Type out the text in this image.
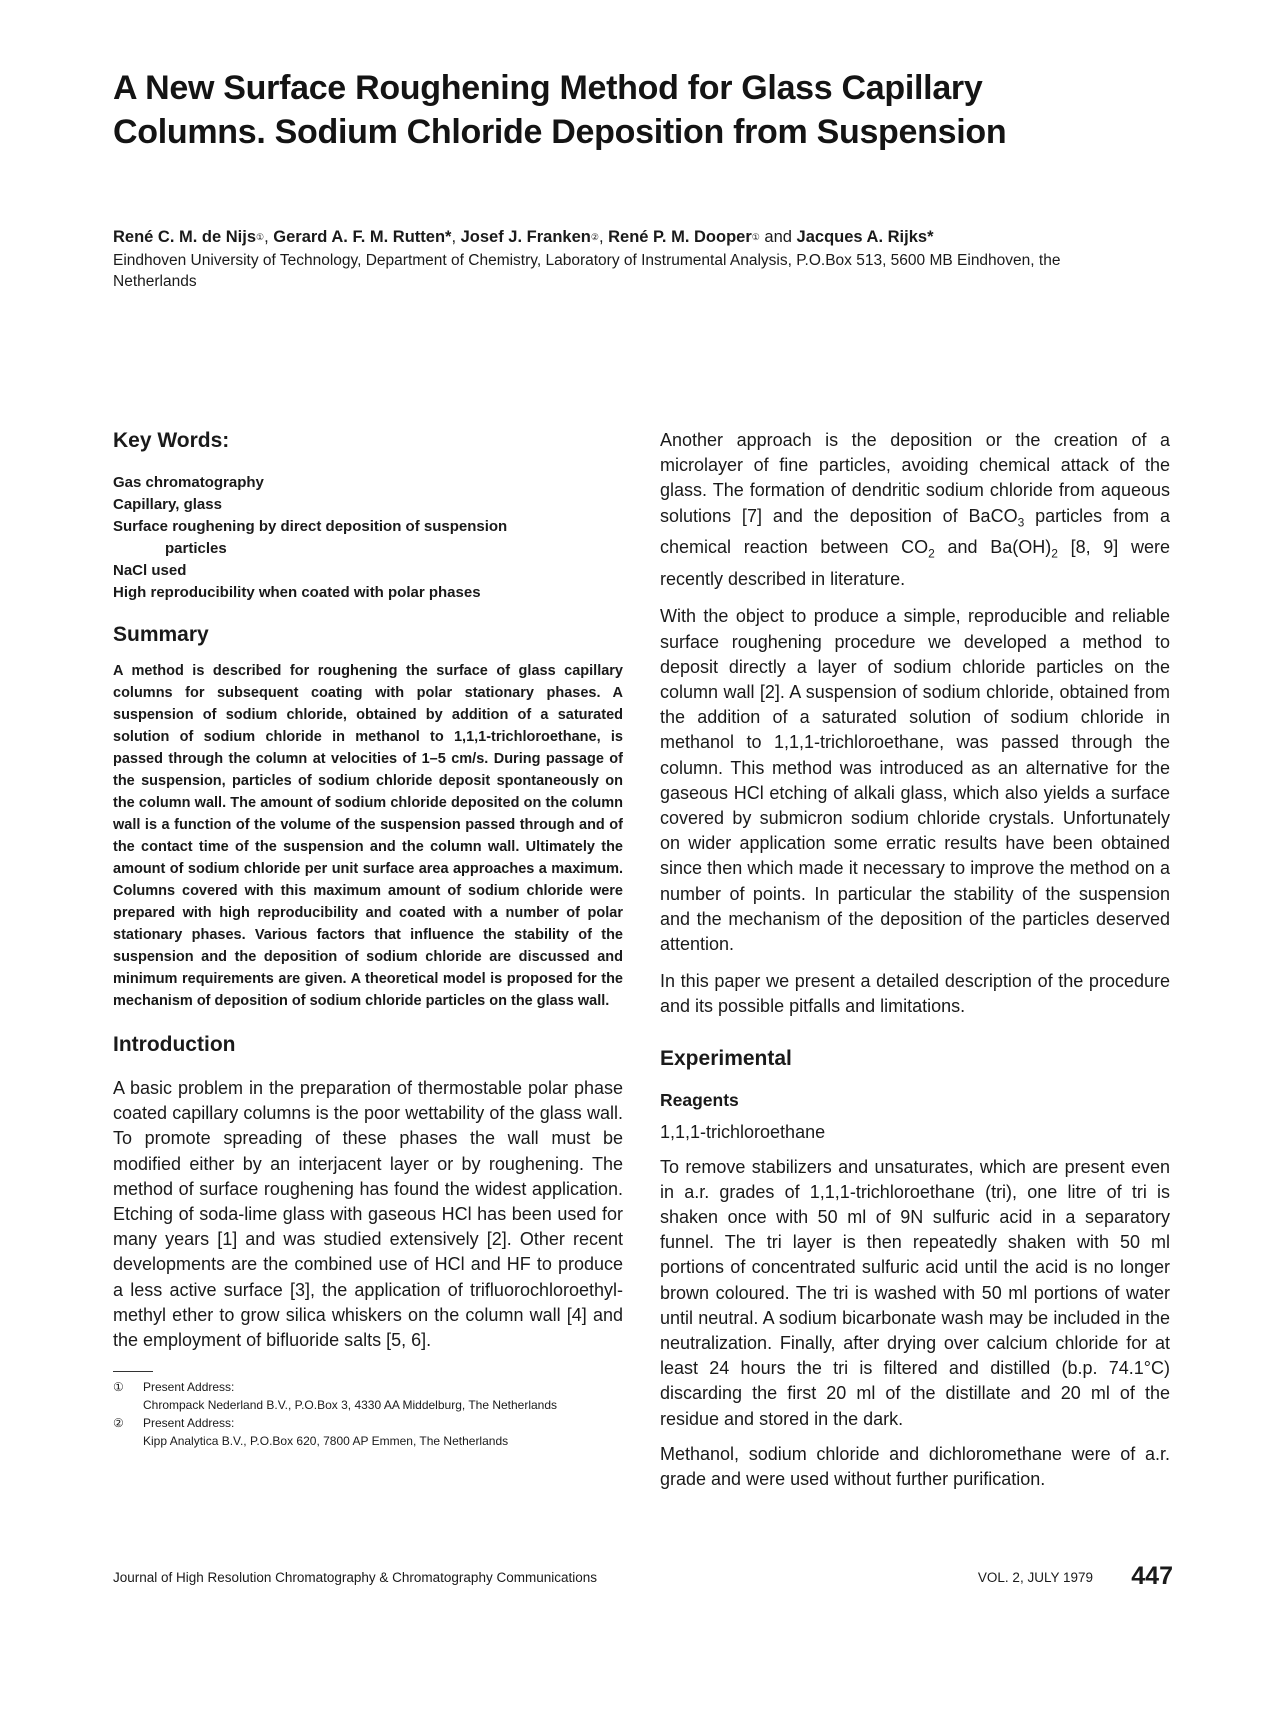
A New Surface Roughening Method for Glass Capillary Columns. Sodium Chloride Deposition from Suspension

René C. M. de Nijs①, Gerard A. F. M. Rutten*, Josef J. Franken②, René P. M. Dooper① and Jacques A. Rijks*

Eindhoven University of Technology, Department of Chemistry, Laboratory of Instrumental Analysis, P.O.Box 513, 5600 MB Eindhoven, the Netherlands

Key Words:
Gas chromatography
Capillary, glass
Surface roughening by direct deposition of suspension
particles
NaCl used
High reproducibility when coated with polar phases
Summary

A method is described for roughening the surface of glass capillary columns for subsequent coating with polar stationary phases. A suspension of sodium chloride, obtained by addition of a saturated solution of sodium chloride in methanol to 1,1,1-trichloroethane, is passed through the column at velocities of 1–5 cm/s. During passage of the suspension, particles of sodium chloride deposit spontaneously on the column wall. The amount of sodium chloride deposited on the column wall is a function of the volume of the suspension passed through and of the contact time of the suspension and the column wall. Ultimately the amount of sodium chloride per unit surface area approaches a maximum. Columns covered with this maximum amount of sodium chloride were prepared with high reproducibility and coated with a number of polar stationary phases. Various factors that influence the stability of the suspension and the deposition of sodium chloride are discussed and minimum requirements are given. A theoretical model is proposed for the mechanism of deposition of sodium chloride particles on the glass wall.

Introduction

A basic problem in the preparation of thermostable polar phase coated capillary columns is the poor wettability of the glass wall. To promote spreading of these phases the wall must be modified either by an interjacent layer or by roughening. The method of surface roughening has found the widest application. Etching of soda-lime glass with gaseous HCl has been used for many years [1] and was studied extensively [2]. Other recent developments are the combined use of HCl and HF to produce a less active surface [3], the application of trifluorochloroethyl-methyl ether to grow silica whiskers on the column wall [4] and the employment of bifluoride salts [5, 6].

① Present Address:
Chrompack Nederland B.V., P.O.Box 3, 4330 AA Middelburg, The Netherlands

② Present Address:
Kipp Analytica B.V., P.O.Box 620, 7800 AP Emmen, The Netherlands

Another approach is the deposition or the creation of a microlayer of fine particles, avoiding chemical attack of the glass. The formation of dendritic sodium chloride from aqueous solutions [7] and the deposition of BaCO$_3$ particles from a chemical reaction between $CO_2$ and $Ba(OH)_2$ [8, 9] were recently described in literature.

With the object to produce a simple, reproducible and reliable surface roughening procedure we developed a method to deposit directly a layer of sodium chloride particles on the column wall [2]. A suspension of sodium chloride, obtained from the addition of a saturated solution of sodium chloride in methanol to 1,1,1-trichloroethane, was passed through the column. This method was introduced as an alternative for the gaseous HCl etching of alkali glass, which also yields a surface covered by submicron sodium chloride crystals. Unfortunately on wider application some erratic results have been obtained since then which made it necessary to improve the method on a number of points. In particular the stability of the suspension and the mechanism of the deposition of the particles deserved attention.

In this paper we present a detailed description of the procedure and its possible pitfalls and limitations.

Experimental
Reagents

1,1,1-trichloroethane

To remove stabilizers and unsaturates, which are present even in a.r. grades of 1,1,1-trichloroethane (tri), one litre of tri is shaken once with 50 ml of 9N sulfuric acid in a separatory funnel. The tri layer is then repeatedly shaken with 50 ml portions of concentrated sulfuric acid until the acid is no longer brown coloured. The tri is washed with 50 ml portions of water until neutral. A sodium bicarbonate wash may be included in the neutralization. Finally, after drying over calcium chloride for at least 24 hours the tri is filtered and distilled (b.p. 74.1°C) discarding the first 20 ml of the distillate and 20 ml of the residue and stored in the dark.

Methanol, sodium chloride and dichloromethane were of a.r. grade and were used without further purification.

Journal of High Resolution Chromatography & Chromatography Communications	VOL. 2, JULY 1979 447
